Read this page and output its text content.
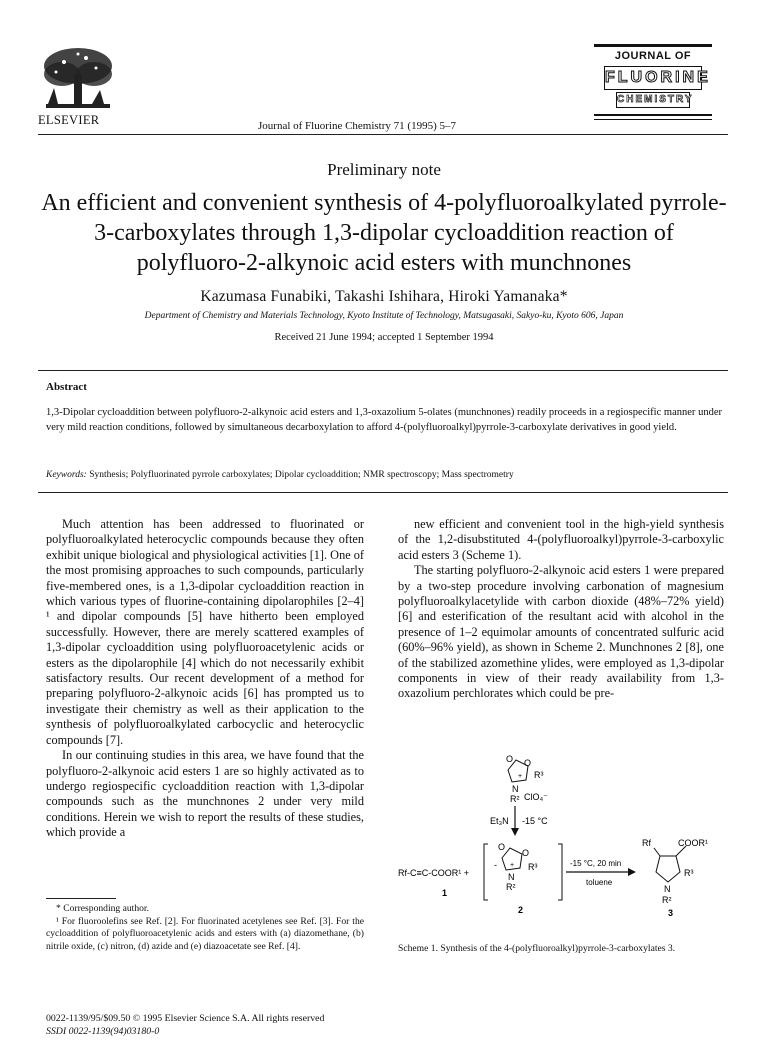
ELSEVIER	Journal of Fluorine Chemistry 71 (1995) 5–7
JOURNAL OF
FLUORINE
CHEMISTRY
Preliminary note
An efficient and convenient synthesis of 4-polyfluoroalkylated pyrrole-3-carboxylates through 1,3-dipolar cycloaddition reaction of polyfluoro-2-alkynoic acid esters with munchnones
Kazumasa Funabiki, Takashi Ishihara, Hiroki Yamanaka*
Department of Chemistry and Materials Technology, Kyoto Institute of Technology, Matsugasaki, Sakyo-ku, Kyoto 606, Japan
Received 21 June 1994; accepted 1 September 1994
Abstract

1,3-Dipolar cycloaddition between polyfluoro-2-alkynoic acid esters and 1,3-oxazolium 5-olates (munchnones) readily proceeds in a regiospecific manner under very mild reaction conditions, followed by simultaneous decarboxylation to afford 4-(polyfluoroalkyl)pyrrole-3-carboxylate derivatives in good yield.

Keywords: Synthesis; Polyfluorinated pyrrole carboxylates; Dipolar cycloaddition; NMR spectroscopy; Mass spectrometry

Much attention has been addressed to fluorinated or polyfluoroalkylated heterocyclic compounds because they often exhibit unique biological and physiological activities [1]. One of the most promising approaches to such compounds, particularly five-membered ones, is a 1,3-dipolar cycloaddition reaction in which various types of fluorine-containing dipolarophiles [2–4] ¹ and dipolar compounds [5] have hitherto been employed successfully. However, there are merely scattered examples of 1,3-dipolar cycloaddition using polyfluoroacetylenic acids or esters as the dipolarophile [4] which do not necessarily exhibit satisfactory results. Our recent development of a method for preparing polyfluoro-2-alkynoic acids [6] has prompted us to investigate their chemistry as well as their application to the synthesis of polyfluoroalkylated carbocyclic and heterocyclic compounds [7].

In our continuing studies in this area, we have found that the polyfluoro-2-alkynoic acid esters 1 are so highly activated as to undergo regiospecific cycloaddition reaction with 1,3-dipolar compounds such as the munchnones 2 under very mild conditions. Herein we wish to report the results of these studies, which provide a

new efficient and convenient tool in the high-yield synthesis of the 1,2-disubstituted 4-(polyfluoroalkyl)pyrrole-3-carboxylic acid esters 3 (Scheme 1).

The starting polyfluoro-2-alkynoic acid esters 1 were prepared by a two-step procedure involving carbonation of magnesium polyfluoroalkylacetylide with carbon dioxide (48%–72% yield) [6] and esterification of the resultant acid with alcohol in the presence of 1–2 equimolar amounts of concentrated sulfuric acid (60%–96% yield), as shown in Scheme 2. Munchnones 2 [8], one of the stabilized azomethine ylides, were employed as 1,3-dipolar components in view of their ready availability from 1,3-oxazolium perchlorates which could be pre-

* Corresponding author.

¹ For fluoroolefins see Ref. [2]. For fluorinated acetylenes see Ref. [3]. For the cycloaddition of polyfluoroacetylenic acids and esters with (a) diazomethane, (b) nitrile oxide, (c) nitron, (d) azide and (e) diazoacetate see Ref. [4].

0022-1139/95/$09.50 © 1995 Elsevier Science S.A. All rights reserved
SSDI 0022-1139(94)03180-0
O O
+ R³
N
R² ClO₄⁻
Et₃N -15 °C
Rf-C≡C-COOR¹ +
1
O
O
- + R³
N
R²
2
-15 °C, 20 min
toluene
Rf	COOR¹
R³
N
R²
3
Scheme 1. Synthesis of the 4-(polyfluoroalkyl)pyrrole-3-carboxylates 3.
